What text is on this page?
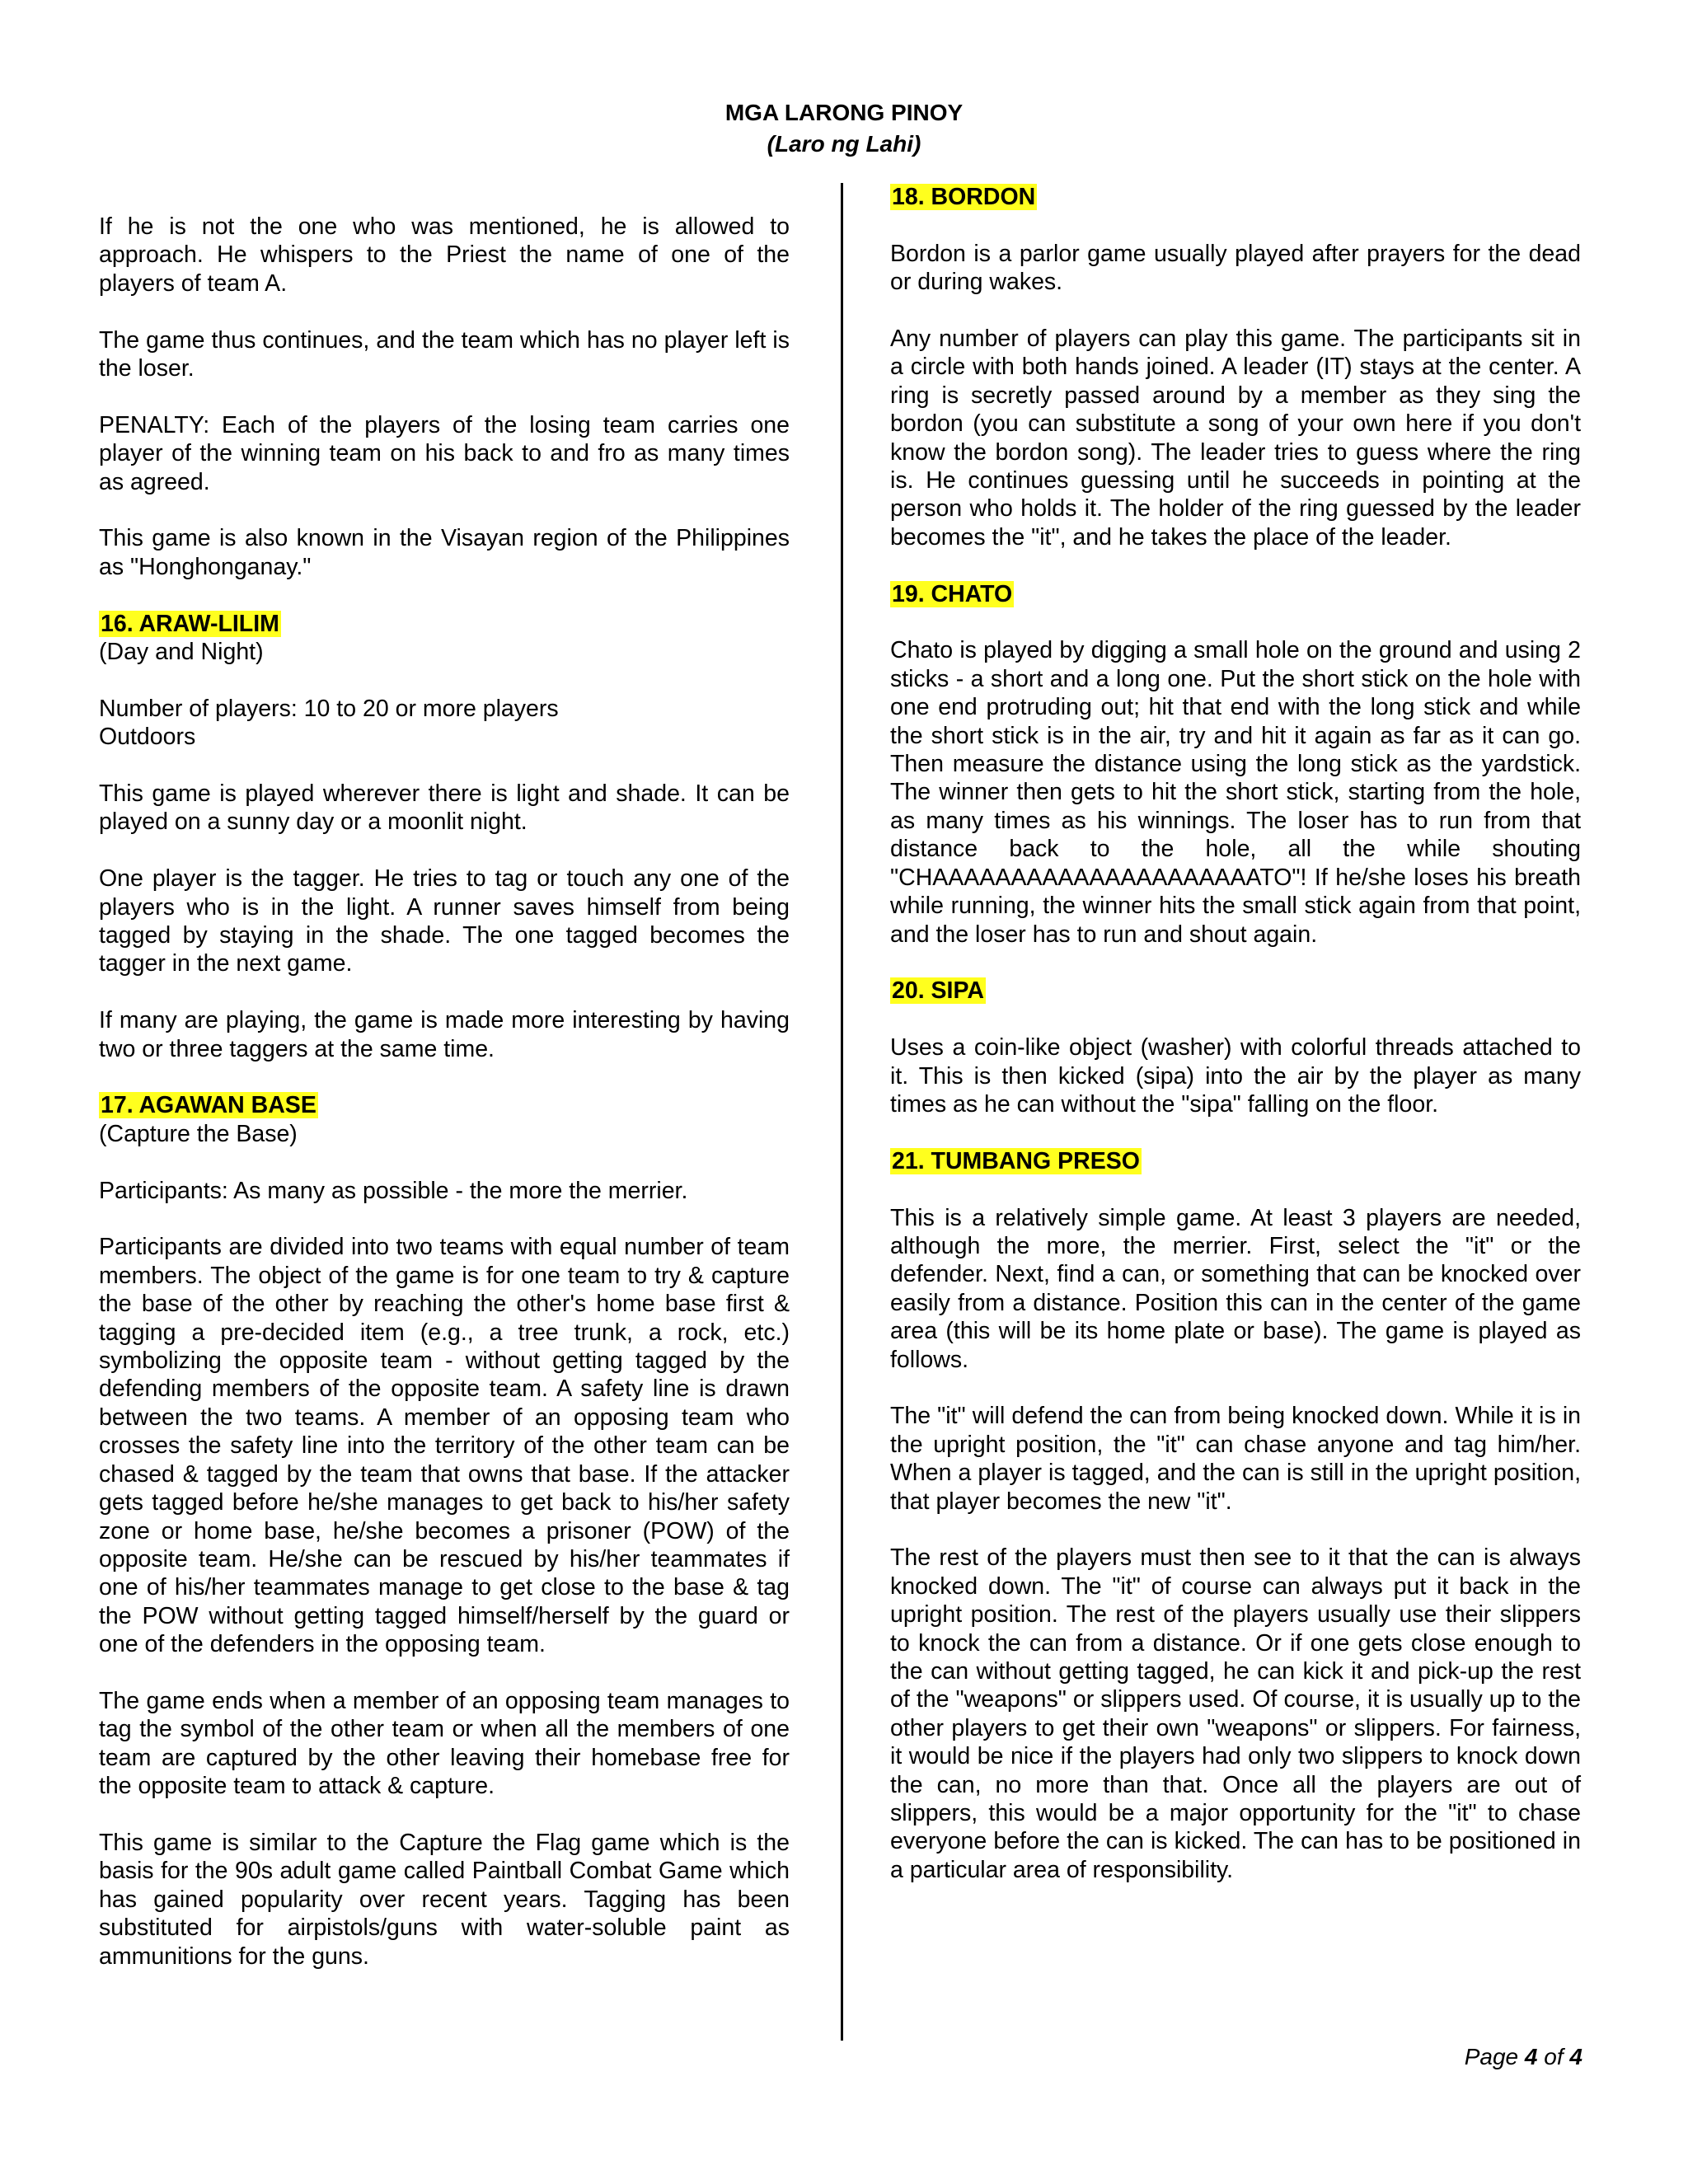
MGA LARONG PINOY
(Laro ng Lahi)

If he is not the one who was mentioned, he is allowed to approach. He whispers to the Priest the name of one of the players of team A.

The game thus continues, and the team which has no player left is the loser.

PENALTY: Each of the players of the losing team carries one player of the winning team on his back to and fro as many times as agreed.

This game is also known in the Visayan region of the Philippines as "Honghonganay."

16. ARAW-LILIM

(Day and Night)

Number of players: 10 to 20 or more players

Outdoors

This game is played wherever there is light and shade. It can be played on a sunny day or a moonlit night.

One player is the tagger. He tries to tag or touch any one of the players who is in the light. A runner saves himself from being tagged by staying in the shade. The one tagged becomes the tagger in the next game.

If many are playing, the game is made more interesting by having two or three taggers at the same time.

17. AGAWAN BASE

(Capture the Base)

Participants: As many as possible - the more the merrier.

Participants are divided into two teams with equal number of team members. The object of the game is for one team to try & capture the base of the other by reaching the other's home base first & tagging a pre-decided item (e.g., a tree trunk, a rock, etc.) symbolizing the opposite team - without getting tagged by the defending members of the opposite team. A safety line is drawn between the two teams. A member of an opposing team who crosses the safety line into the territory of the other team can be chased & tagged by the team that owns that base. If the attacker gets tagged before he/she manages to get back to his/her safety zone or home base, he/she becomes a prisoner (POW) of the opposite team. He/she can be rescued by his/her teammates if one of his/her teammates manage to get close to the base & tag the POW without getting tagged himself/herself by the guard or one of the defenders in the opposing team.

The game ends when a member of an opposing team manages to tag the symbol of the other team or when all the members of one team are captured by the other leaving their homebase free for the opposite team to attack & capture.

This game is similar to the Capture the Flag game which is the basis for the 90s adult game called Paintball Combat Game which has gained popularity over recent years. Tagging has been substituted for airpistols/guns with water-soluble paint as ammunitions for the guns.

18. BORDON

Bordon is a parlor game usually played after prayers for the dead or during wakes.

Any number of players can play this game. The participants sit in a circle with both hands joined. A leader (IT) stays at the center. A ring is secretly passed around by a member as they sing the bordon (you can substitute a song of your own here if you don't know the bordon song). The leader tries to guess where the ring is. He continues guessing until he succeeds in pointing at the person who holds it. The holder of the ring guessed by the leader becomes the "it", and he takes the place of the leader.

19. CHATO

Chato is played by digging a small hole on the ground and using 2 sticks - a short and a long one. Put the short stick on the hole with one end protruding out; hit that end with the long stick and while the short stick is in the air, try and hit it again as far as it can go. Then measure the distance using the long stick as the yardstick. The winner then gets to hit the short stick, starting from the hole, as many times as his winnings. The loser has to run from that distance back to the hole, all the while shouting "CHAAAAAAAAAAAAAAAAAAAAATO"! If he/she loses his breath while running, the winner hits the small stick again from that point, and the loser has to run and shout again.

20. SIPA

Uses a coin-like object (washer) with colorful threads attached to it. This is then kicked (sipa) into the air by the player as many times as he can without the "sipa" falling on the floor.

21. TUMBANG PRESO

This is a relatively simple game. At least 3 players are needed, although the more, the merrier. First, select the "it" or the defender. Next, find a can, or something that can be knocked over easily from a distance. Position this can in the center of the game area (this will be its home plate or base). The game is played as follows.

The "it" will defend the can from being knocked down. While it is in the upright position, the "it" can chase anyone and tag him/her. When a player is tagged, and the can is still in the upright position, that player becomes the new "it".

The rest of the players must then see to it that the can is always knocked down. The "it" of course can always put it back in the upright position. The rest of the players usually use their slippers to knock the can from a distance. Or if one gets close enough to the can without getting tagged, he can kick it and pick-up the rest of the "weapons" or slippers used. Of course, it is usually up to the other players to get their own "weapons" or slippers. For fairness, it would be nice if the players had only two slippers to knock down the can, no more than that. Once all the players are out of slippers, this would be a major opportunity for the "it" to chase everyone before the can is kicked. The can has to be positioned in a particular area of responsibility.

Page 4 of 4
